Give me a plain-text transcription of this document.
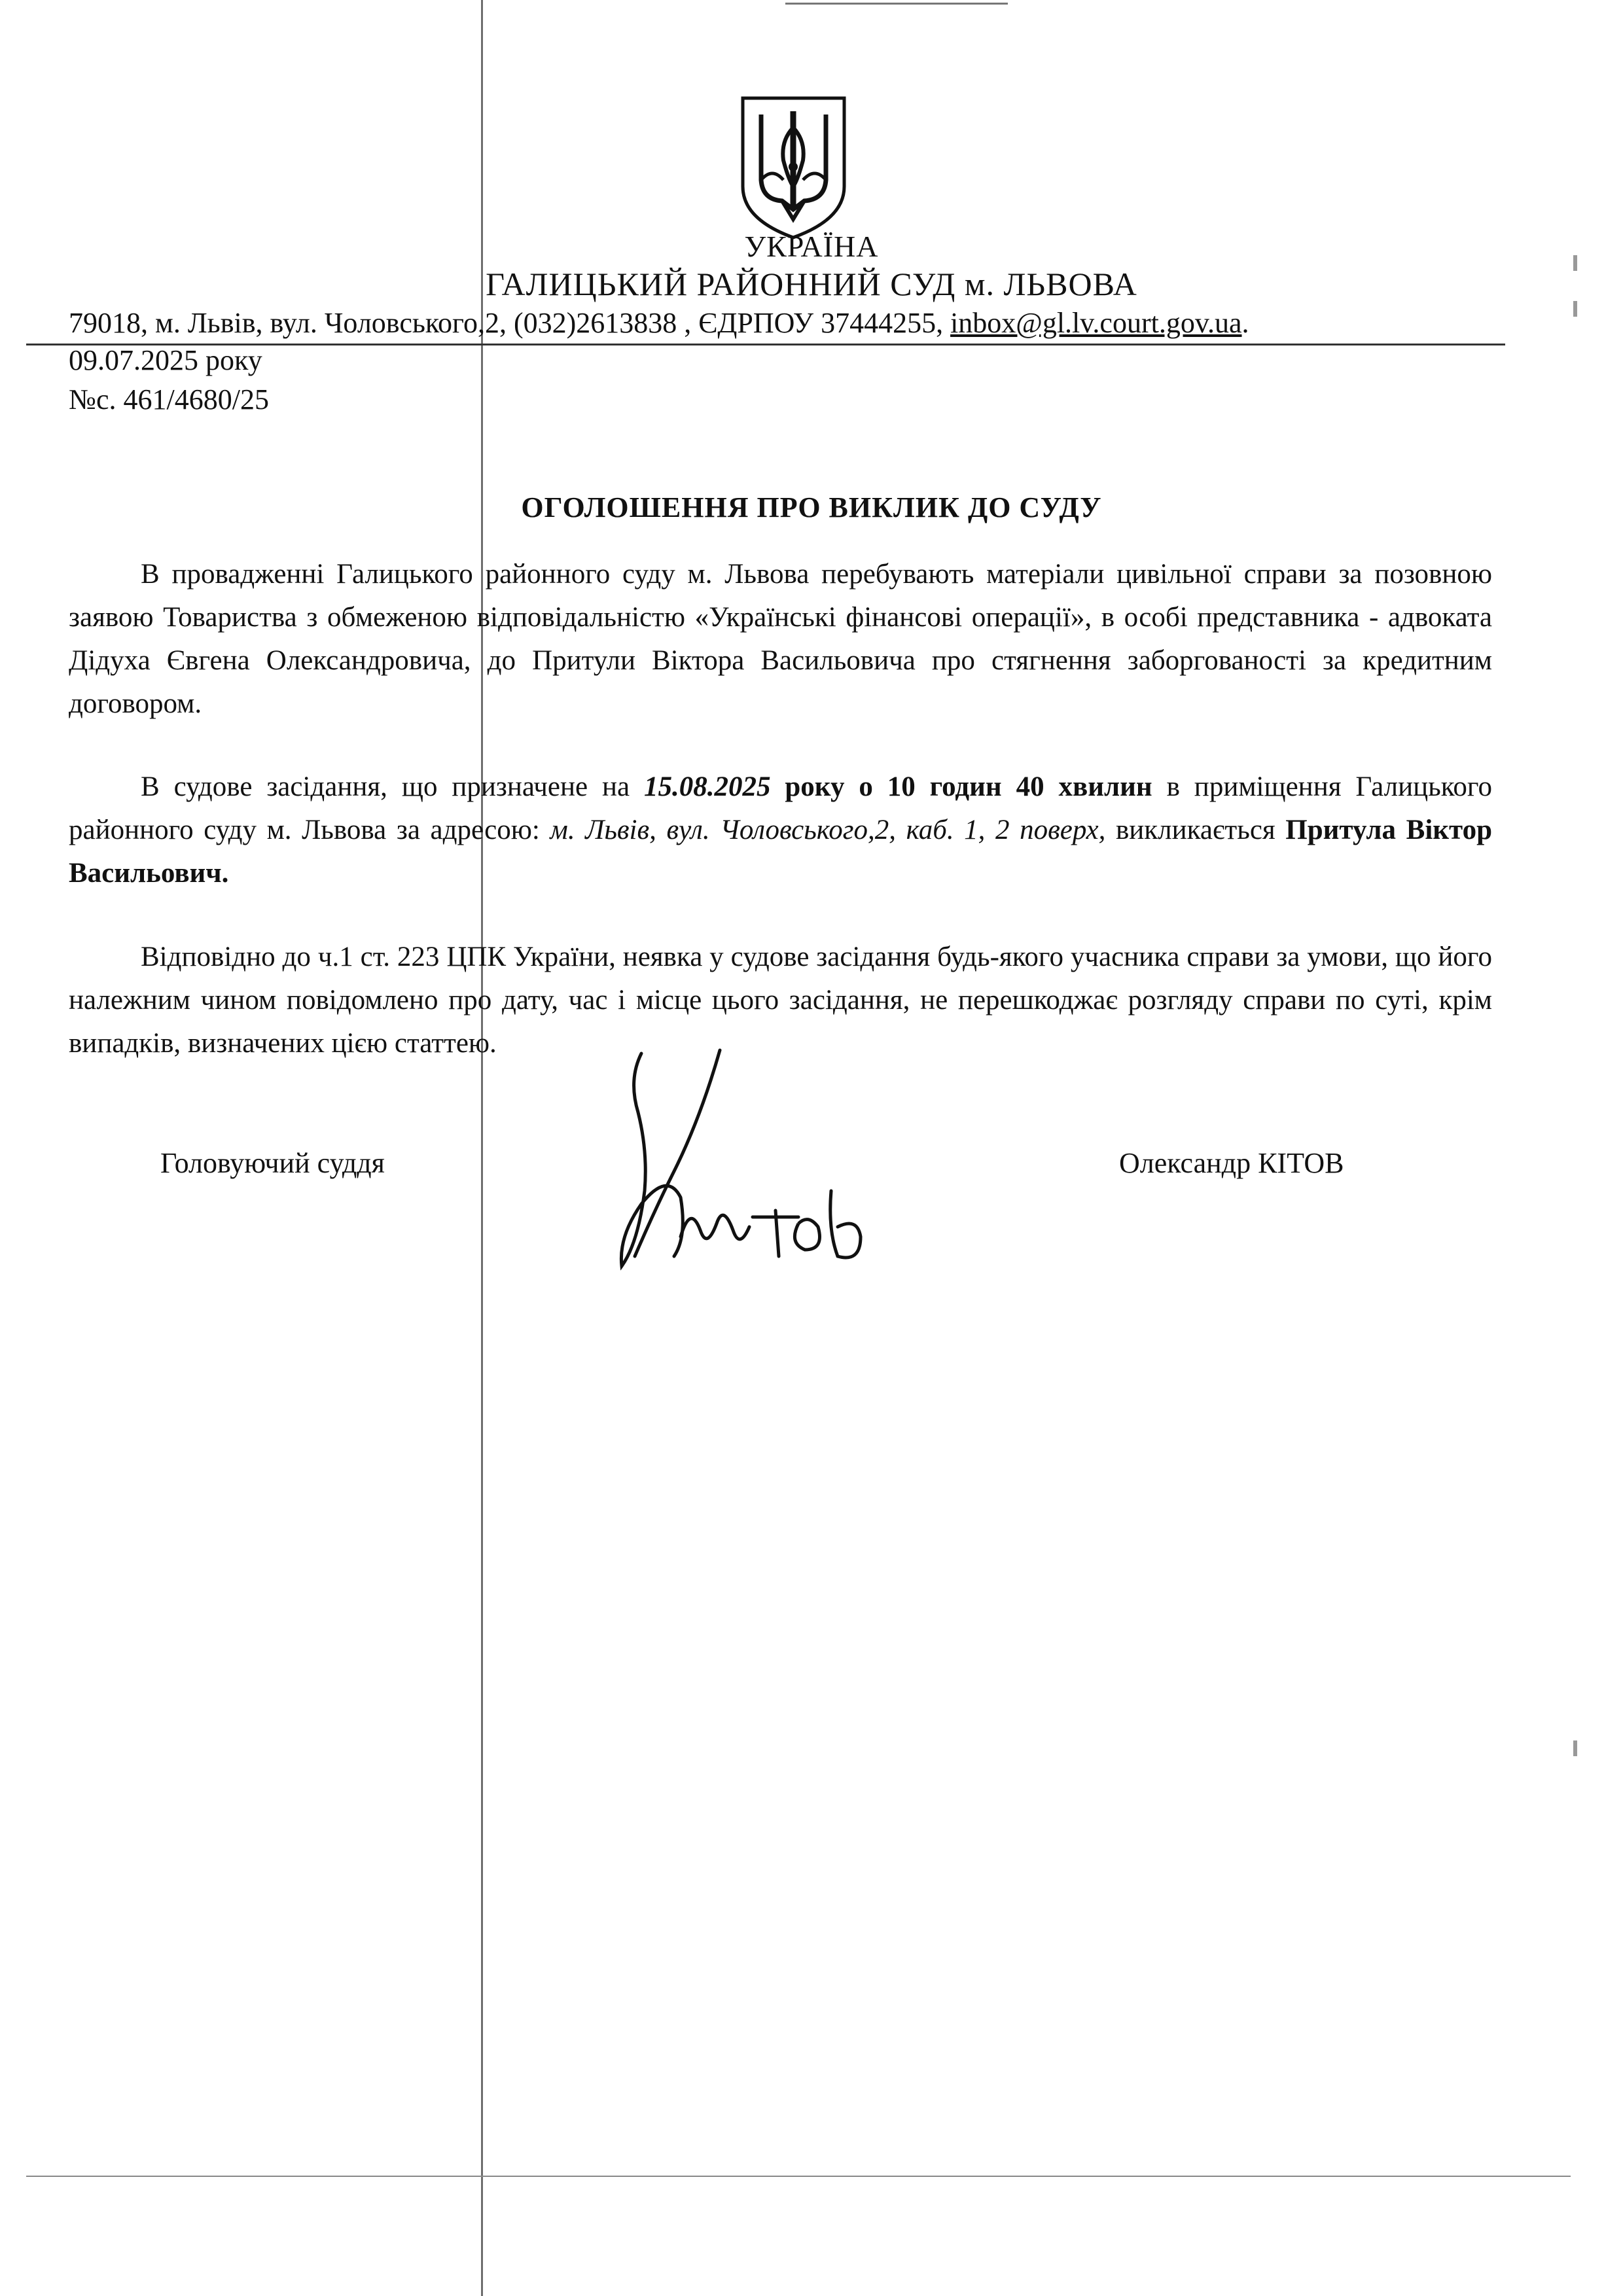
УКРАЇНА
ГАЛИЦЬКИЙ РАЙОННИЙ СУД м. ЛЬВОВА
79018, м. Львів, вул. Чоловського,2, (032)2613838 , ЄДРПОУ 37444255, inbox@gl.lv.court.gov.ua.
09.07.2025 року
№с. 461/4680/25
ОГОЛОШЕННЯ ПРО ВИКЛИК ДО СУДУ
В провадженні Галицького районного суду м. Львова перебувають матеріали цивільної справи за позовною заявою Товариства з обмеженою відповідальністю «Українські фінансові операції», в особі представника - адвоката Дідуха Євгена Олександровича, до Притули Віктора Васильовича про стягнення заборгованості за кредитним договором.
В судове засідання, що призначене на 15.08.2025 року о 10 годин 40 хвилин в приміщення Галицького районного суду м. Львова за адресою: м. Львів, вул. Чоловського,2, каб. 1, 2 поверх, викликається Притула Віктор Васильович.
Відповідно до ч.1 ст. 223 ЦПК України, неявка у судове засідання будь-якого учасника справи за умови, що його належним чином повідомлено про дату, час і місце цього засідання, не перешкоджає розгляду справи по суті, крім випадків, визначених цією статтею.
Головуючий суддя	Олександр КІТОВ
